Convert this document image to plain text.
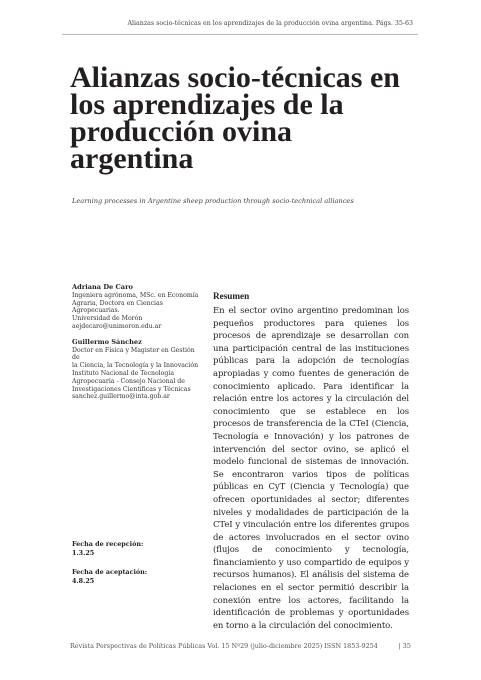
Alianzas socio-técnicas en los aprendizajes de la producción ovina argentina. Págs. 35-63
Alianzas socio-técnicas en los aprendizajes de la producción ovina argentina
Learning processes in Argentine sheep production through socio-technical alliances
Adriana De Caro
Ingeniera agrónoma, MSc. en Economía
Agraria, Doctora en Ciencias
Agropecuarias.
Universidad de Morón
aejdecaro@unimoron.edu.ar
Guillermo Sánchez
Doctor en Física y Magister en Gestión de
la Ciencia, la Tecnología y la Innovación
Instituto Nacional de Tecnología
Agropecuaria - Consejo Nacional de
Investigaciones Científicas y Técnicas
sanchez.guillermo@inta.gob.ar
Fecha de recepción:
1.3.25
Fecha de aceptación:
4.8.25
Resumen

En el sector ovino argentino predominan los pequeños productores para quienes los procesos de aprendizaje se desarrollan con una participación central de las instituciones públicas para la adopción de tecnologías apropiadas y como fuentes de generación de conocimiento aplicado. Para identificar la relación entre los actores y la circulación del conocimiento que se establece en los procesos de transferencia de la CTeI (Ciencia, Tecnología e Innovación) y los patrones de intervención del sector ovino, se aplicó el modelo funcional de sistemas de innovación. Se encontraron varios tipos de políticas públicas en CyT (Ciencia y Tecnología) que ofrecen oportunidades al sector; diferentes niveles y modalidades de participación de la CTeI y vinculación entre los diferentes grupos de actores involucrados en el sector ovino (flujos de conocimiento y tecnología, financiamiento y uso compartido de equipos y recursos humanos). El análisis del sistema de relaciones en el sector permitió describir la conexión entre los actores, facilitando la identificación de problemas y oportunidades en torno a la circulación del conocimiento.

Revista Perspectivas de Políticas Públicas Vol. 15 Nº29 (julio-diciembre 2025) ISSN 1853-9254	| 35
